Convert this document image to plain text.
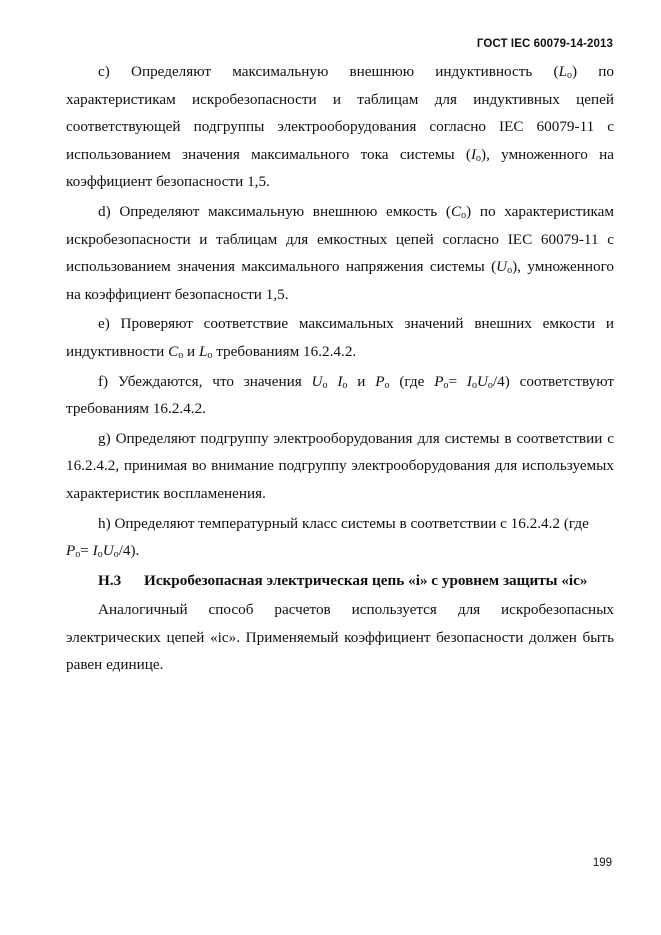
ГОСТ IEC 60079-14-2013

c) Определяют максимальную внешнюю индуктивность $(L_o)$ по характеристикам искробезопасности и таблицам для индуктивных цепей соответствующей подгруппы электрооборудования согласно IEC 60079-11 с использованием значения максимального тока системы $(I_o)$, умноженного на коэффициент безопасности 1,5.

d) Определяют максимальную внешнюю емкость $(C_o)$ по характеристикам искробезопасности и таблицам для емкостных цепей согласно IEC 60079-11 с использованием значения максимального напряжения системы $(U_o)$, умноженного на коэффициент безопасности 1,5.

e) Проверяют соответствие максимальных значений внешних емкости и индуктивности $C_o$ и $L_o$ требованиям 16.2.4.2.

f) Убеждаются, что значения $U_o$ $I_o$ и $P_o$ (где $P_o= I_oU_o/4$) соответствуют требованиям 16.2.4.2.

g) Определяют подгруппу электрооборудования для системы в соответствии с 16.2.4.2, принимая во внимание подгруппу электрооборудования для используемых характеристик воспламенения.

h) Определяют температурный класс системы в соответствии с 16.2.4.2 (где
$P_o= I_oU_o/4$).

Н.3 Искробезопасная электрическая цепь «i» с уровнем защиты «ic»

Аналогичный способ расчетов используется для искробезопасных электрических цепей «ic». Применяемый коэффициент безопасности должен быть равен единице.

199
